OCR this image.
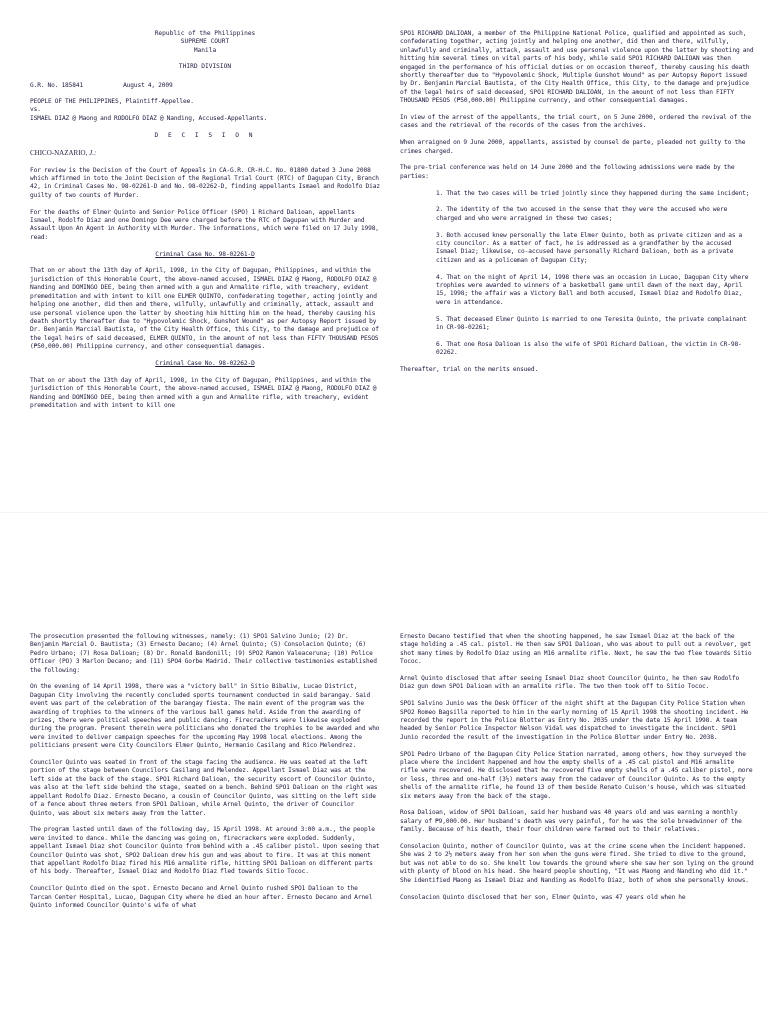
Republic of the Philippines
SUPREME COURT
Manila
THIRD DIVISION
G.R. No. 185841	August 4, 2009
PEOPLE OF THE PHILIPPINES, Plaintiff-Appellee.
vs.
ISMAEL DIAZ @ Maong and RODOLFO DIAZ @ Nanding, Accused-Appellants.
D E C I S I O N
CHICO-NAZARIO, J.:

For review is the Decision of the Court of Appeals in CA-G.R. CR-H.C. No. 01800 dated 3 June 2008 which affirmed in toto the Joint Decision of the Regional Trial Court (RTC) of Dagupan City, Branch 42, in Criminal Cases No. 98-02261-D and No. 98-02262-D, finding appellants Ismael and Rodolfo Diaz guilty of two counts of Murder.

For the deaths of Elmer Quinto and Senior Police Officer (SPO) 1 Richard Dalioan, appellants Ismael, Rodolfo Diaz and one Domingo Dee were charged before the RTC of Dagupan with Murder and Assault Upon An Agent in Authority with Murder. The informations, which were filed on 17 July 1998, read:

Criminal Case No. 98-02261-D

That on or about the 13th day of April, 1998, in the City of Dagupan, Philippines, and within the jurisdiction of this Honorable Court, the above-named accused, ISMAEL DIAZ @ Maong, RODOLFO DIAZ @ Nanding and DOMINGO DEE, being then armed with a gun and Armalite rifle, with treachery, evident premeditation and with intent to kill one ELMER QUINTO, confederating together, acting jointly and helping one another, did then and there, wilfully, unlawfully and criminally, attack, assault and use personal violence upon the latter by shooting him hitting him on the head, thereby causing his death shortly thereafter due to "Hypovolemic Shock, Gunshot Wound" as per Autopsy Report issued by Dr. Benjamin Marcial Bautista, of the City Health Office, this City, to the damage and prejudice of the legal heirs of said deceased, ELMER QUINTO, in the amount of not less than FIFTY THOUSAND PESOS (₱50,000.00) Philippine currency, and other consequential damages.

Criminal Case No. 98-02262-D

That on or about the 13th day of April, 1998, in the City of Dagupan, Philippines, and within the jurisdiction of this Honorable Court, the above-named accused, ISMAEL DIAZ @ Maong, RODOLFO DIAZ @ Nanding and DOMINGO DEE, being then armed with a gun and Armalite rifle, with treachery, evident premeditation and with intent to kill one

SPO1 RICHARD DALIOAN, a member of the Philippine National Police, qualified and appointed as such, confederating together, acting jointly and helping one another, did then and there, wilfully, unlawfully and criminally, attack, assault and use personal violence upon the latter by shooting and hitting him several times on vital parts of his body, while said SPO1 RICHARD DALIOAN was then engaged in the performance of his official duties or on occasion thereof, thereby causing his death shortly thereafter due to "Hypovolemic Shock, Multiple Gunshot Wound" as per Autopsy Report issued by Dr. Benjamin Marcial Bautista, of the City Health Office, this City, to the damage and prejudice of the legal heirs of said deceased, SPO1 RICHARD DALIOAN, in the amount of not less than FIFTY THOUSAND PESOS (₱50,000.00) Philippine currency, and other consequential damages.

In view of the arrest of the appellants, the trial court, on 5 June 2000, ordered the revival of the cases and the retrieval of the records of the cases from the archives.

When arraigned on 9 June 2000, appellants, assisted by counsel de parte, pleaded not guilty to the crimes charged.

The pre-trial conference was held on 14 June 2000 and the following admissions were made by the parties:

1. That the two cases will be tried jointly since they happened during the same incident;

2. The identity of the two accused in the sense that they were the accused who were charged and who were arraigned in these two cases;

3. Both accused knew personally the late Elmer Quinto, both as private citizen and as a city councilor. As a matter of fact, he is addressed as a grandfather by the accused Ismael Diaz; likewise, co-accused have personally Richard Dalioan, both as a private citizen and as a policeman of Dagupan City;

4. That on the night of April 14, 1998 there was an occasion in Lucao, Dagupan City where trophies were awarded to winners of a basketball game until dawn of the next day, April 15, 1998; the affair was a Victory Ball and both accused, Ismael Diaz and Rodolfo Diaz, were in attendance.

5. That deceased Elmer Quinto is married to one Teresita Quinto, the private complainant in CR-98-02261;

6. That one Rosa Dalioan is also the wife of SPO1 Richard Dalioan, the victim in CR-98-02262.

Thereafter, trial on the merits ensued.

The prosecution presented the following witnesses, namely: (1) SPO1 Salvino Junio; (2) Dr. Benjamin Marcial O. Bautista; (3) Ernesto Decano; (4) Arnel Quinto; (5) Consolacion Quinto; (6) Pedro Urbano; (7) Rosa Dalioan; (8) Dr. Ronald Bandonill; (9) SPO2 Ramon Valeaceruna; (10) Police Officer (PO) 3 Marlon Decano; and (11) SPO4 Gorbe Madrid. Their collective testimonies established the following:

On the evening of 14 April 1998, there was a "victory ball" in Sitio Bibaliw, Lucao District, Dagupan City involving the recently concluded sports tournament conducted in said barangay. Said event was part of the celebration of the barangay fiesta. The main event of the program was the awarding of trophies to the winners of the various ball games held. Aside from the awarding of prizes, there were political speeches and public dancing. Firecrackers were likewise exploded during the program. Present therein were politicians who donated the trophies to be awarded and who were invited to deliver campaign speeches for the upcoming May 1998 local elections. Among the politicians present were City Councilors Elmer Quinto, Hermanio Casilang and Rico Melendrez.

Councilor Quinto was seated in front of the stage facing the audience. He was seated at the left portion of the stage between Councilors Casilang and Melendez. Appellant Ismael Diaz was at the left side at the back of the stage. SPO1 Richard Dalioan, the security escort of Councilor Quinto, was also at the left side behind the stage, seated on a bench. Behind SPO1 Dalioan on the right was appellant Rodolfo Diaz. Ernesto Decano, a cousin of Councilor Quinto, was sitting on the left side of a fence about three meters from SPO1 Dalioan, while Arnel Quinto, the driver of Councilor Quinto, was about six meters away from the latter.

The program lasted until dawn of the following day, 15 April 1998. At around 3:00 a.m., the people were invited to dance. While the dancing was going on, firecrackers were exploded. Suddenly, appellant Ismael Diaz shot Councilor Quinto from behind with a .45 caliber pistol. Upon seeing that Councilor Quinto was shot, SPO2 Dalioan drew his gun and was about to fire. It was at this moment that appellant Rodolfo Diaz fired his M16 armalite rifle, hitting SPO1 Dalioan on different parts of his body. Thereafter, Ismael Diaz and Rodolfo Diaz fled towards Sitio Tococ.

Councilor Quinto died on the spot. Ernesto Decano and Arnel Quinto rushed SPO1 Dalioan to the Tarcan Center Hospital, Lucao, Dagupan City where he died an hour after. Ernesto Decano and Arnel Quinto informed Councilor Quinto's wife of what

Ernesto Decano testified that when the shooting happened, he saw Ismael Diaz at the back of the stage holding a .45 cal. pistol. He then saw SPO1 Dalioan, who was about to pull out a revolver, get shot many times by Rodolfo Diaz using an M16 armalite rifle. Next, he saw the two flee towards Sitio Tococ.

Arnel Quinto disclosed that after seeing Ismael Diaz shoot Councilor Quinto, he then saw Rodolfo Diaz gun down SPO1 Dalioan with an armalite rifle. The two then took off to Sitio Tococ.

SPO1 Salvino Junio was the Desk Officer of the night shift at the Dagupan City Police Station when SPO2 Romeo Bagsilla reported to him in the early morning of 15 April 1998 the shooting incident. He recorded the report in the Police Blotter as Entry No. 2035 under the date 15 April 1998. A team headed by Senior Police Inspector Nelson Vidal was dispatched to investigate the incident. SPO1 Junio recorded the result of the investigation in the Police Blotter under Entry No. 2038.

SPO1 Pedro Urbano of the Dagupan City Police Station narrated, among others, how they surveyed the place where the incident happened and how the empty shells of a .45 cal pistol and M16 armalite rifle were recovered. He disclosed that he recovered five empty shells of a .45 caliber pistol, more or less, three and one-half (3½) meters away from the cadaver of Councilor Quinto. As to the empty shells of the armalite rifle, he found 13 of them beside Renato Cuison's house, which was situated six meters away from the back of the stage.

Rosa Dalioan, widow of SPO1 Dalioan, said her husband was 40 years old and was earning a monthly salary of ₱9,000.00. Her husband's death was very painful, for he was the sole breadwinner of the family. Because of his death, their four children were farmed out to their relatives.

Consolacion Quinto, mother of Councilor Quinto, was at the crime scene when the incident happened. She was 2 to 2½ meters away from her son when the guns were fired. She tried to dive to the ground, but was not able to do so. She knelt low towards the ground where she saw her son lying on the ground with plenty of blood on his head. She heard people shouting, "It was Maong and Nanding who did it." She identified Maong as Ismael Diaz and Nanding as Rodolfo Diaz, both of whom she personally knows.

Consolacion Quinto disclosed that her son, Elmer Quinto, was 47 years old when he
